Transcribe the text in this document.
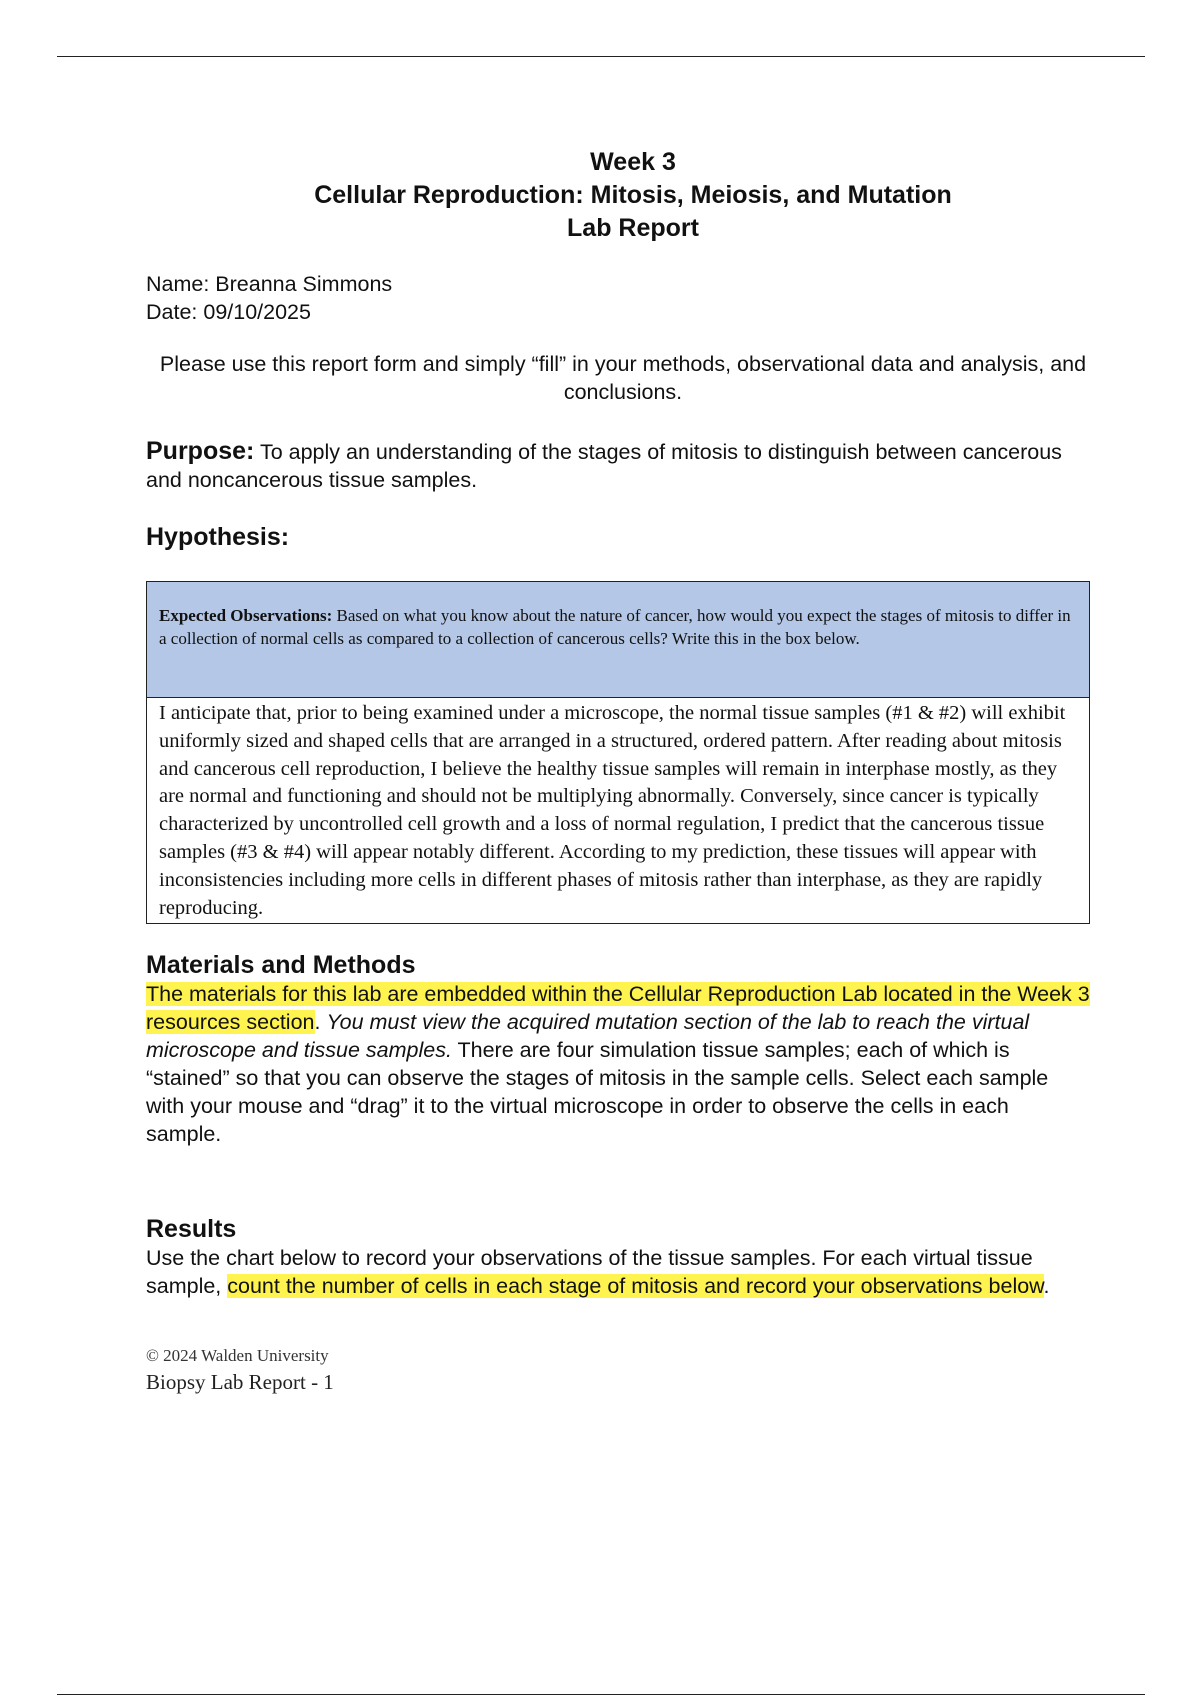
Week 3
Cellular Reproduction: Mitosis, Meiosis, and Mutation
Lab Report
Name: Breanna Simmons
Date: 09/10/2025
Please use this report form and simply “fill” in your methods, observational data and analysis, and conclusions.
Purpose: To apply an understanding of the stages of mitosis to distinguish between cancerous and noncancerous tissue samples.
Hypothesis:
Expected Observations: Based on what you know about the nature of cancer, how would you expect the stages of mitosis to differ in a collection of normal cells as compared to a collection of cancerous cells? Write this in the box below.
I anticipate that, prior to being examined under a microscope, the normal tissue samples (#1 & #2) will exhibit uniformly sized and shaped cells that are arranged in a structured, ordered pattern. After reading about mitosis and cancerous cell reproduction, I believe the healthy tissue samples will remain in interphase mostly, as they are normal and functioning and should not be multiplying abnormally. Conversely, since cancer is typically characterized by uncontrolled cell growth and a loss of normal regulation, I predict that the cancerous tissue samples (#3 & #4) will appear notably different. According to my prediction, these tissues will appear with inconsistencies including more cells in different phases of mitosis rather than interphase, as they are rapidly reproducing.
Materials and Methods
The materials for this lab are embedded within the Cellular Reproduction Lab located in the Week 3 resources section. You must view the acquired mutation section of the lab to reach the virtual microscope and tissue samples. There are four simulation tissue samples; each of which is “stained” so that you can observe the stages of mitosis in the sample cells. Select each sample with your mouse and “drag” it to the virtual microscope in order to observe the cells in each sample.
Results
Use the chart below to record your observations of the tissue samples. For each virtual tissue sample, count the number of cells in each stage of mitosis and record your observations below.
© 2024 Walden University
Biopsy Lab Report - 1
